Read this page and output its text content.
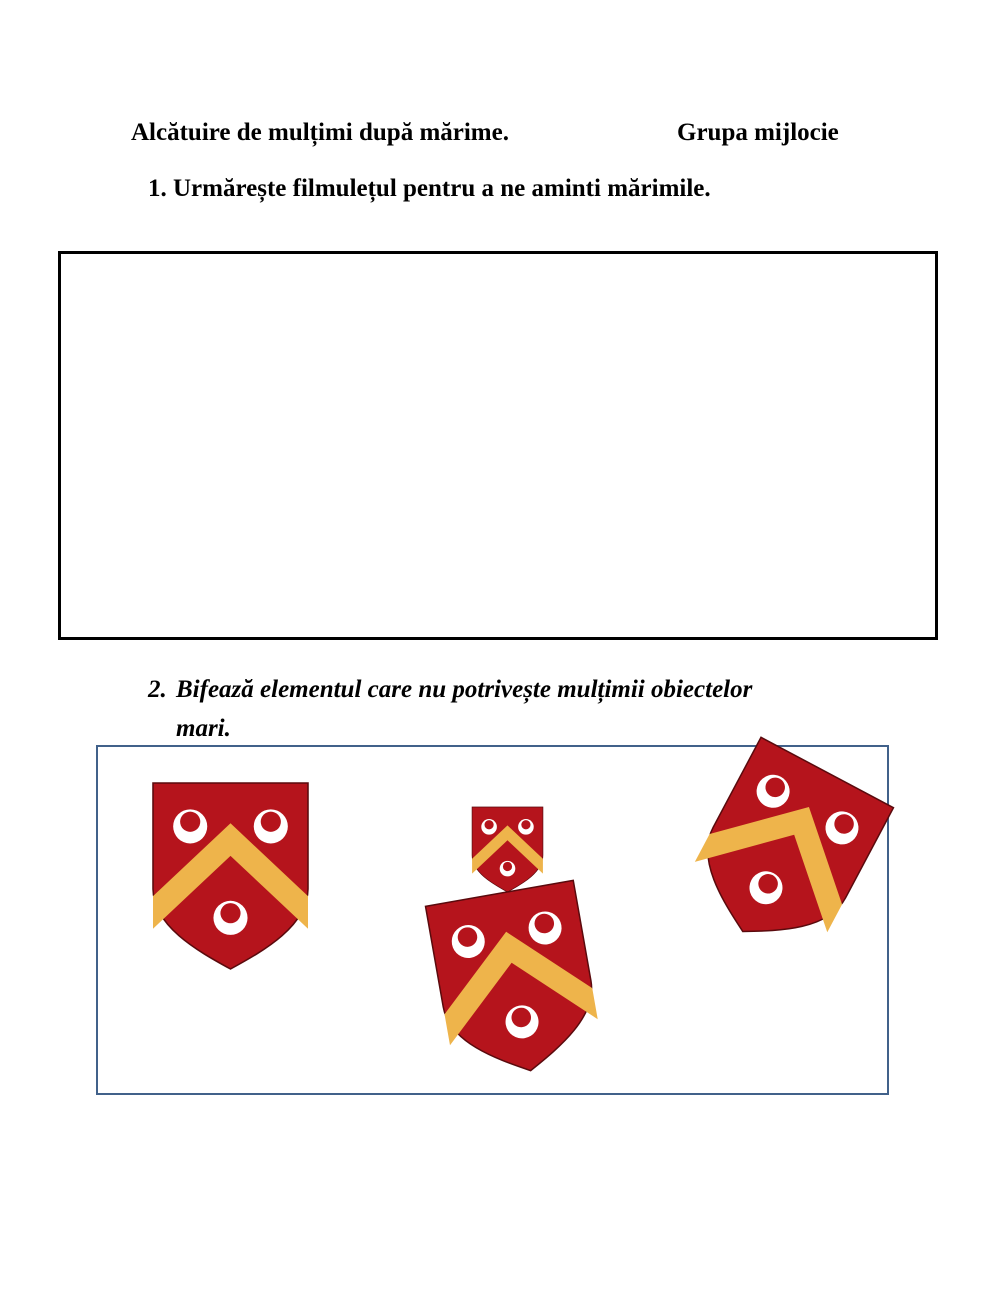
Alcătuire de mulțimi după mărime.	Grupa mijlocie
1. Urmărește filmulețul pentru a ne aminti mărimile.
2. Bifează elementul care nu potrivește mulțimii obiectelor
mari.
